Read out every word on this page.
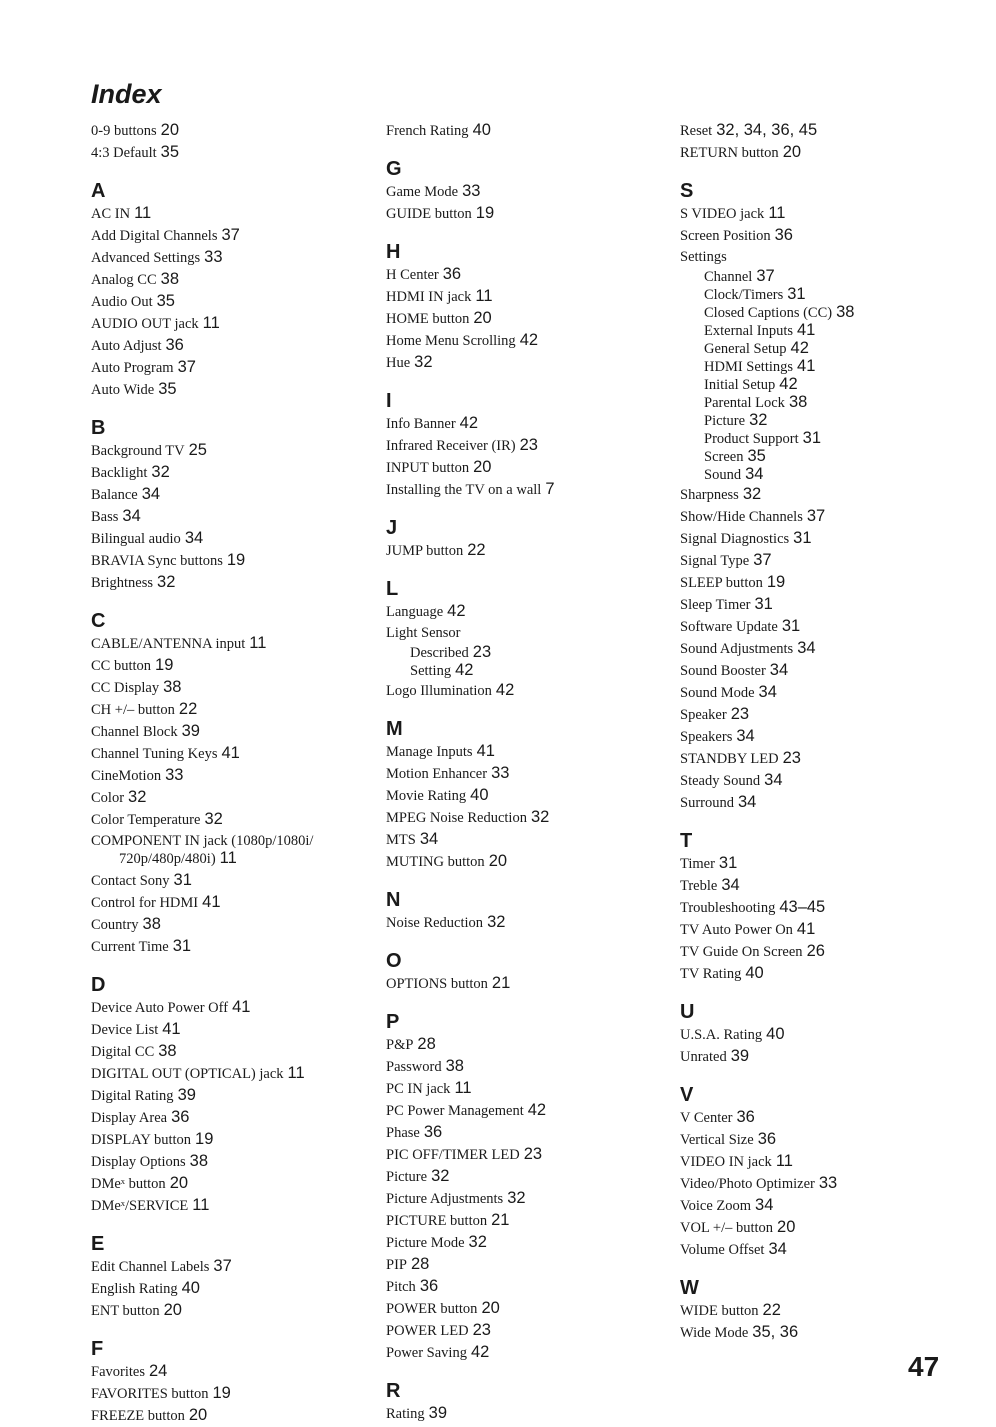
Index
0-9 buttons 20
4:3 Default 35
A
AC IN 11
Add Digital Channels 37
Advanced Settings 33
Analog CC 38
Audio Out 35
AUDIO OUT jack 11
Auto Adjust 36
Auto Program 37
Auto Wide 35
B
Background TV 25
Backlight 32
Balance 34
Bass 34
Bilingual audio 34
BRAVIA Sync buttons 19
Brightness 32
C
CABLE/ANTENNA input 11
CC button 19
CC Display 38
CH +/– button 22
Channel Block 39
Channel Tuning Keys 41
CineMotion 33
Color 32
Color Temperature 32
COMPONENT IN jack (1080p/1080i/ 720p/480p/480i) 11
Contact Sony 31
Control for HDMI 41
Country 38
Current Time 31
D
Device Auto Power Off 41
Device List 41
Digital CC 38
DIGITAL OUT (OPTICAL) jack 11
Digital Rating 39
Display Area 36
DISPLAY button 19
Display Options 38
DMeˣ button 20
DMeˣ/SERVICE 11
E
Edit Channel Labels 37
English Rating 40
ENT button 20
F
Favorites 24
FAVORITES button 19
FREEZE button 20
French Rating 40
G
Game Mode 33
GUIDE button 19
H
H Center 36
HDMI IN jack 11
HOME button 20
Home Menu Scrolling 42
Hue 32
I
Info Banner 42
Infrared Receiver (IR) 23
INPUT button 20
Installing the TV on a wall 7
J
JUMP button 22
L
Language 42
Light Sensor
Described 23
Setting 42
Logo Illumination 42
M
Manage Inputs 41
Motion Enhancer 33
Movie Rating 40
MPEG Noise Reduction 32
MTS 34
MUTING button 20
N
Noise Reduction 32
O
OPTIONS button 21
P
P&P 28
Password 38
PC IN jack 11
PC Power Management 42
Phase 36
PIC OFF/TIMER LED 23
Picture 32
Picture Adjustments 32
PICTURE button 21
Picture Mode 32
PIP 28
Pitch 36
POWER button 20
POWER LED 23
Power Saving 42
R
Rating 39
Reset 32, 34, 36, 45
RETURN button 20
S
S VIDEO jack 11
Screen Position 36
Settings
Channel 37
Clock/Timers 31
Closed Captions (CC) 38
External Inputs 41
General Setup 42
HDMI Settings 41
Initial Setup 42
Parental Lock 38
Picture 32
Product Support 31
Screen 35
Sound 34
Sharpness 32
Show/Hide Channels 37
Signal Diagnostics 31
Signal Type 37
SLEEP button 19
Sleep Timer 31
Software Update 31
Sound Adjustments 34
Sound Booster 34
Sound Mode 34
Speaker 23
Speakers 34
STANDBY LED 23
Steady Sound 34
Surround 34
T
Timer 31
Treble 34
Troubleshooting 43–45
TV Auto Power On 41
TV Guide On Screen 26
TV Rating 40
U
U.S.A. Rating 40
Unrated 39
V
V Center 36
Vertical Size 36
VIDEO IN jack 11
Video/Photo Optimizer 33
Voice Zoom 34
VOL +/– button 20
Volume Offset 34
W
WIDE button 22
Wide Mode 35, 36
47
